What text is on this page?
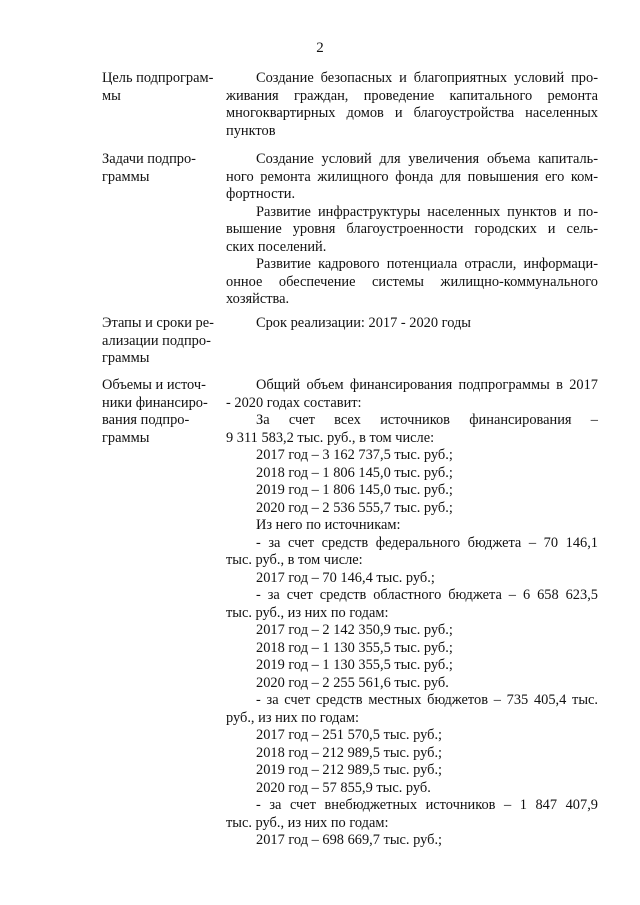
2
Цель подпрограм-
мы

Создание безопасных и благоприятных условий про-

живания граждан, проведение капитального ремонта

многоквартирных домов и благоустройства населенных

пунктов

Задачи подпро-
граммы

Создание условий для увеличения объема капиталь-

ного ремонта жилищного фонда для повышения его ком-

фортности.

Развитие инфраструктуры населенных пунктов и по-

вышение уровня благоустроенности городских и сель-

ских поселений.

Развитие кадрового потенциала отрасли, информаци-

онное обеспечение системы жилищно-коммунального

хозяйства.

Этапы и сроки ре-
ализации подпро-
граммы

Срок реализации: 2017 - 2020 годы

Объемы и источ-
ники финансиро-
вания подпро-
граммы

Общий объем финансирования подпрограммы в 2017

- 2020 годах составит:

За счет всех источников финансирования –

9 311 583,2 тыс. руб., в том числе:

2017 год – 3 162 737,5 тыс. руб.;

2018 год – 1 806 145,0 тыс. руб.;

2019 год – 1 806 145,0 тыс. руб.;

2020 год – 2 536 555,7 тыс. руб.;

Из него по источникам:

- за счет средств федерального бюджета – 70 146,1

тыс. руб., в том числе:

2017 год – 70 146,4 тыс. руб.;

- за счет средств областного бюджета – 6 658 623,5

тыс. руб., из них по годам:

2017 год – 2 142 350,9 тыс. руб.;

2018 год – 1 130 355,5 тыс. руб.;

2019 год – 1 130 355,5 тыс. руб.;

2020 год – 2 255 561,6 тыс. руб.

- за счет средств местных бюджетов – 735 405,4 тыс.

руб., из них по годам:

2017 год – 251 570,5 тыс. руб.;

2018 год – 212 989,5 тыс. руб.;

2019 год – 212 989,5 тыс. руб.;

2020 год – 57 855,9 тыс. руб.

- за счет внебюджетных источников – 1 847 407,9

тыс. руб., из них по годам:

2017 год – 698 669,7 тыс. руб.;
